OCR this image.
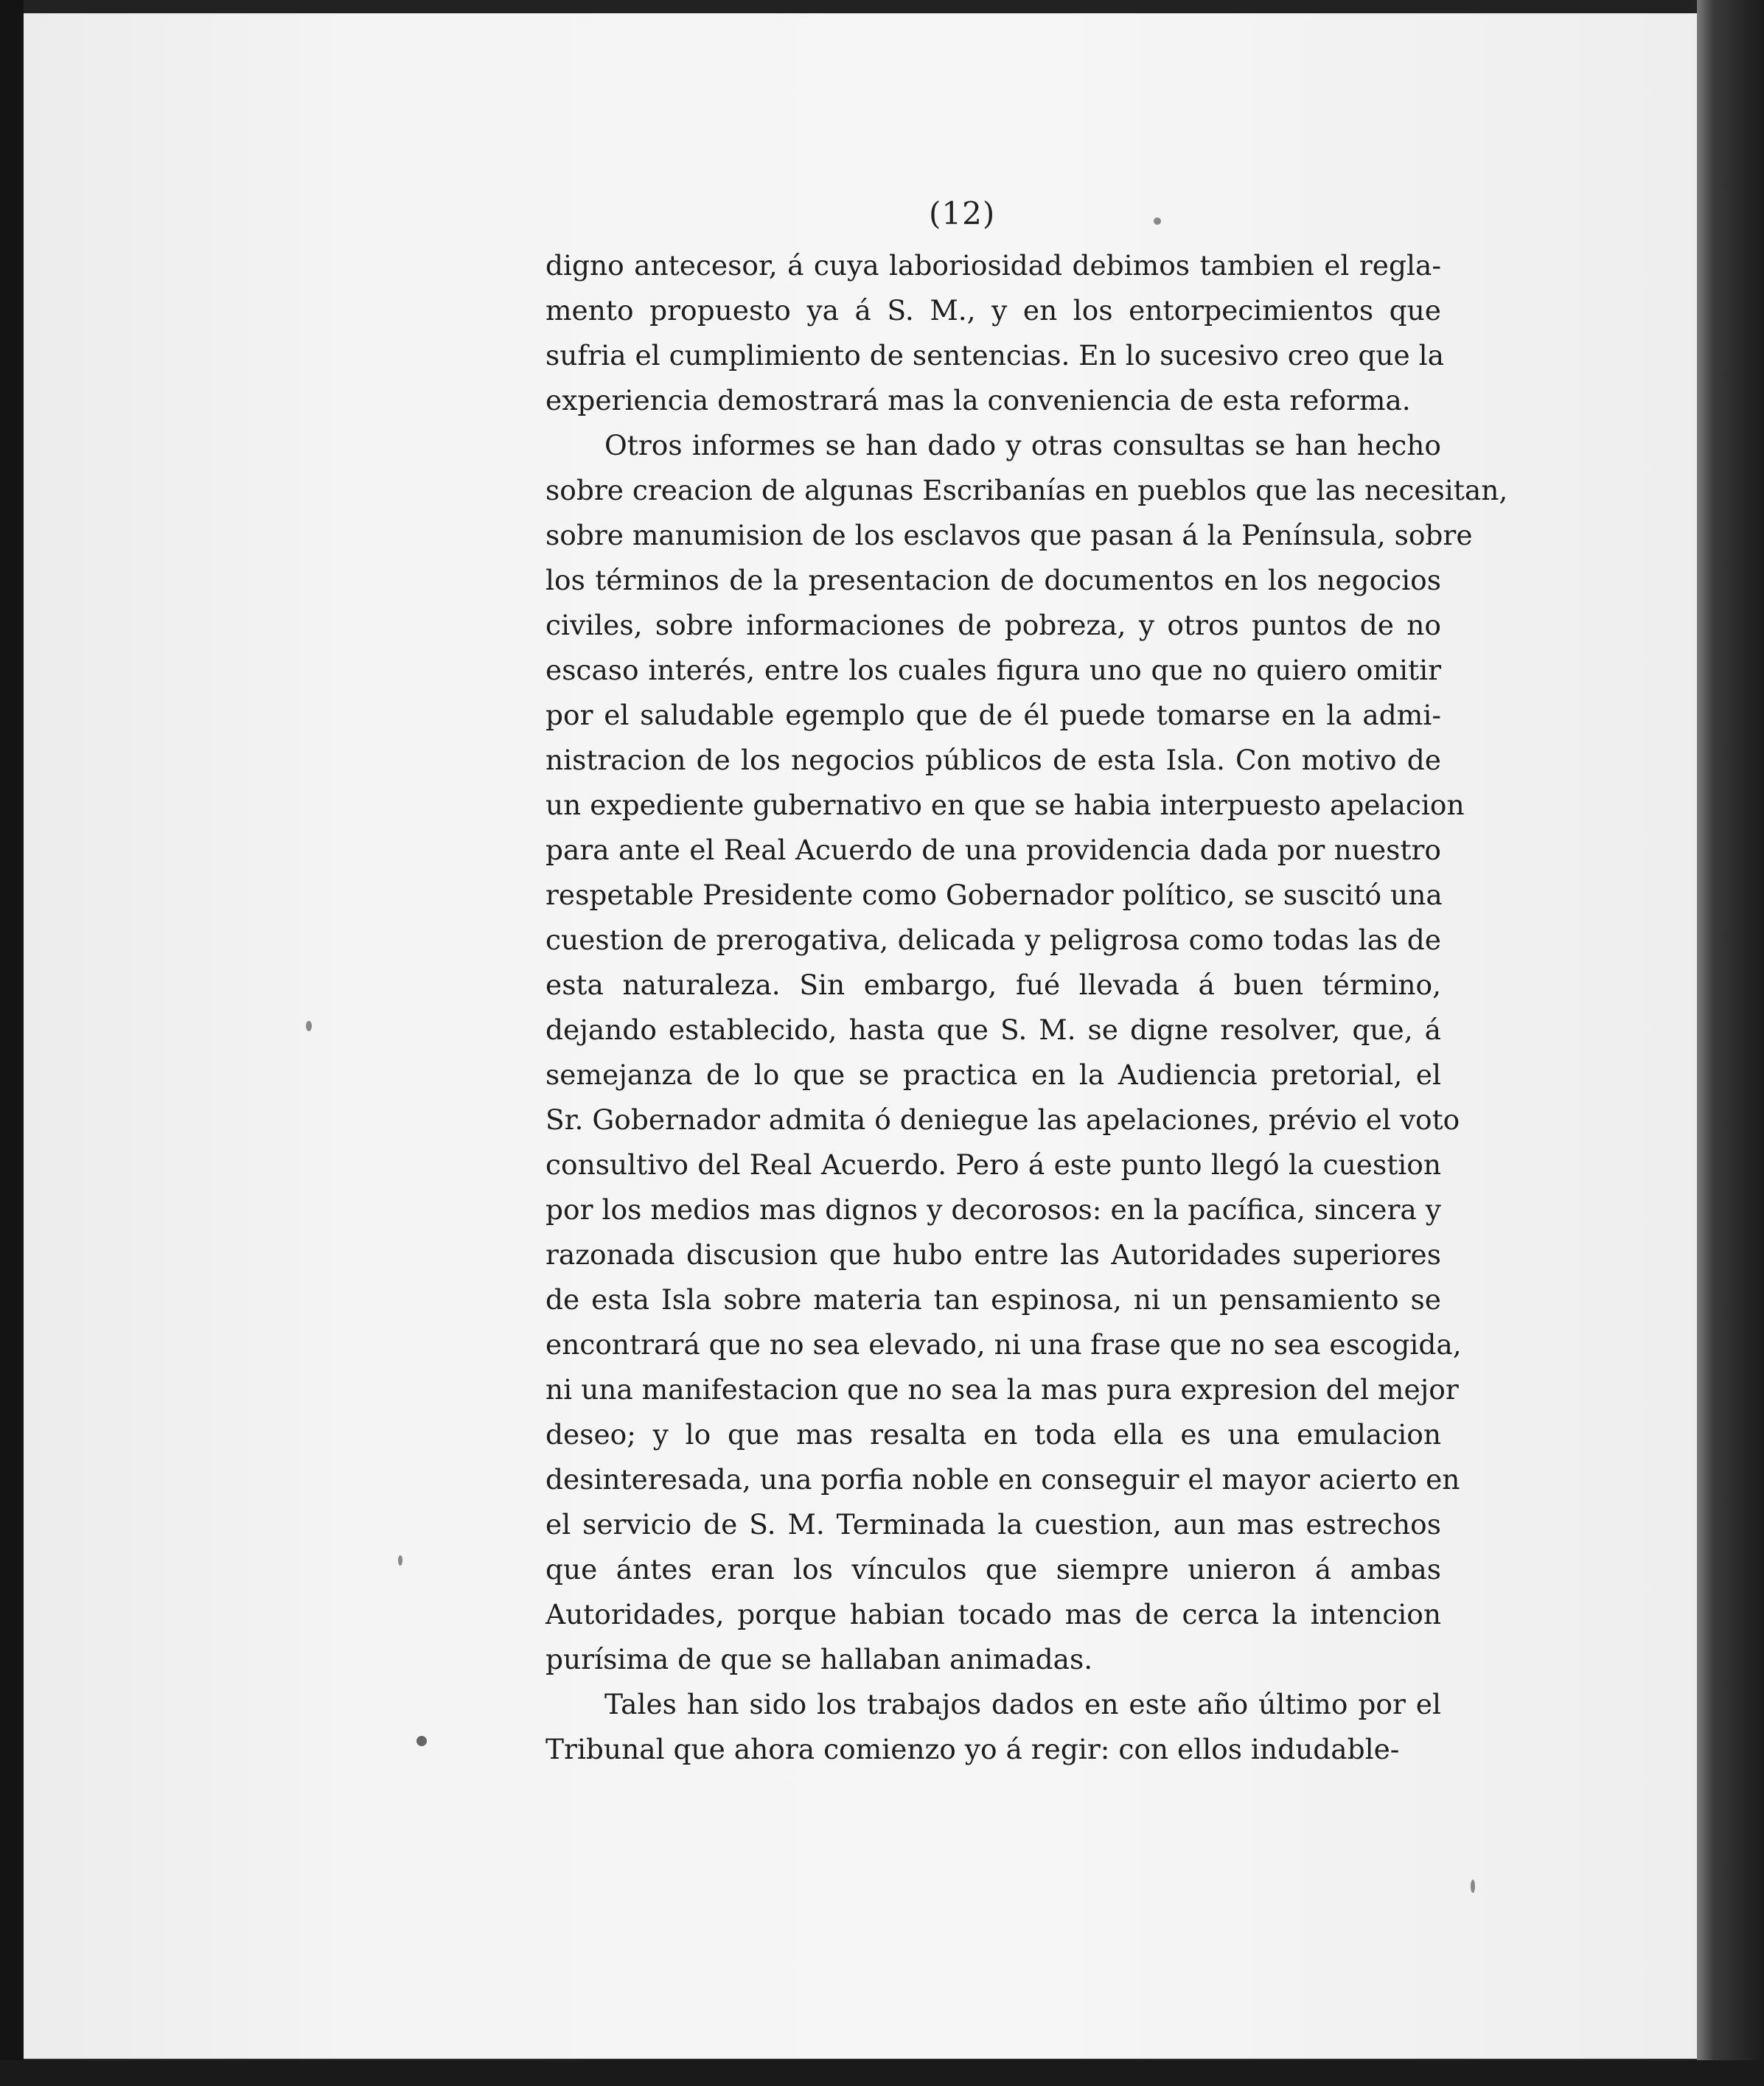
(12)

digno antecesor, á cuya laboriosidad debimos tambien el regla-
mento propuesto ya á S. M., y en los entorpecimientos que
sufria el cumplimiento de sentencias. En lo sucesivo creo que la
experiencia demostrará mas la conveniencia de esta reforma.

Otros informes se han dado y otras consultas se han hecho
sobre creacion de algunas Escribanías en pueblos que las necesitan,
sobre manumision de los esclavos que pasan á la Península, sobre
los términos de la presentacion de documentos en los negocios
civiles, sobre informaciones de pobreza, y otros puntos de no
escaso interés, entre los cuales figura uno que no quiero omitir
por el saludable egemplo que de él puede tomarse en la admi-
nistracion de los negocios públicos de esta Isla. Con motivo de
un expediente gubernativo en que se habia interpuesto apelacion
para ante el Real Acuerdo de una providencia dada por nuestro
respetable Presidente como Gobernador político, se suscitó una
cuestion de prerogativa, delicada y peligrosa como todas las de
esta naturaleza. Sin embargo, fué llevada á buen término,
dejando establecido, hasta que S. M. se digne resolver, que, á
semejanza de lo que se practica en la Audiencia pretorial, el
Sr. Gobernador admita ó deniegue las apelaciones, prévio el voto
consultivo del Real Acuerdo. Pero á este punto llegó la cuestion
por los medios mas dignos y decorosos: en la pacífica, sincera y
razonada discusion que hubo entre las Autoridades superiores
de esta Isla sobre materia tan espinosa, ni un pensamiento se
encontrará que no sea elevado, ni una frase que no sea escogida,
ni una manifestacion que no sea la mas pura expresion del mejor
deseo; y lo que mas resalta en toda ella es una emulacion
desinteresada, una porfia noble en conseguir el mayor acierto en
el servicio de S. M. Terminada la cuestion, aun mas estrechos
que ántes eran los vínculos que siempre unieron á ambas
Autoridades, porque habian tocado mas de cerca la intencion
purísima de que se hallaban animadas.

Tales han sido los trabajos dados en este año último por el
Tribunal que ahora comienzo yo á regir: con ellos indudable-
